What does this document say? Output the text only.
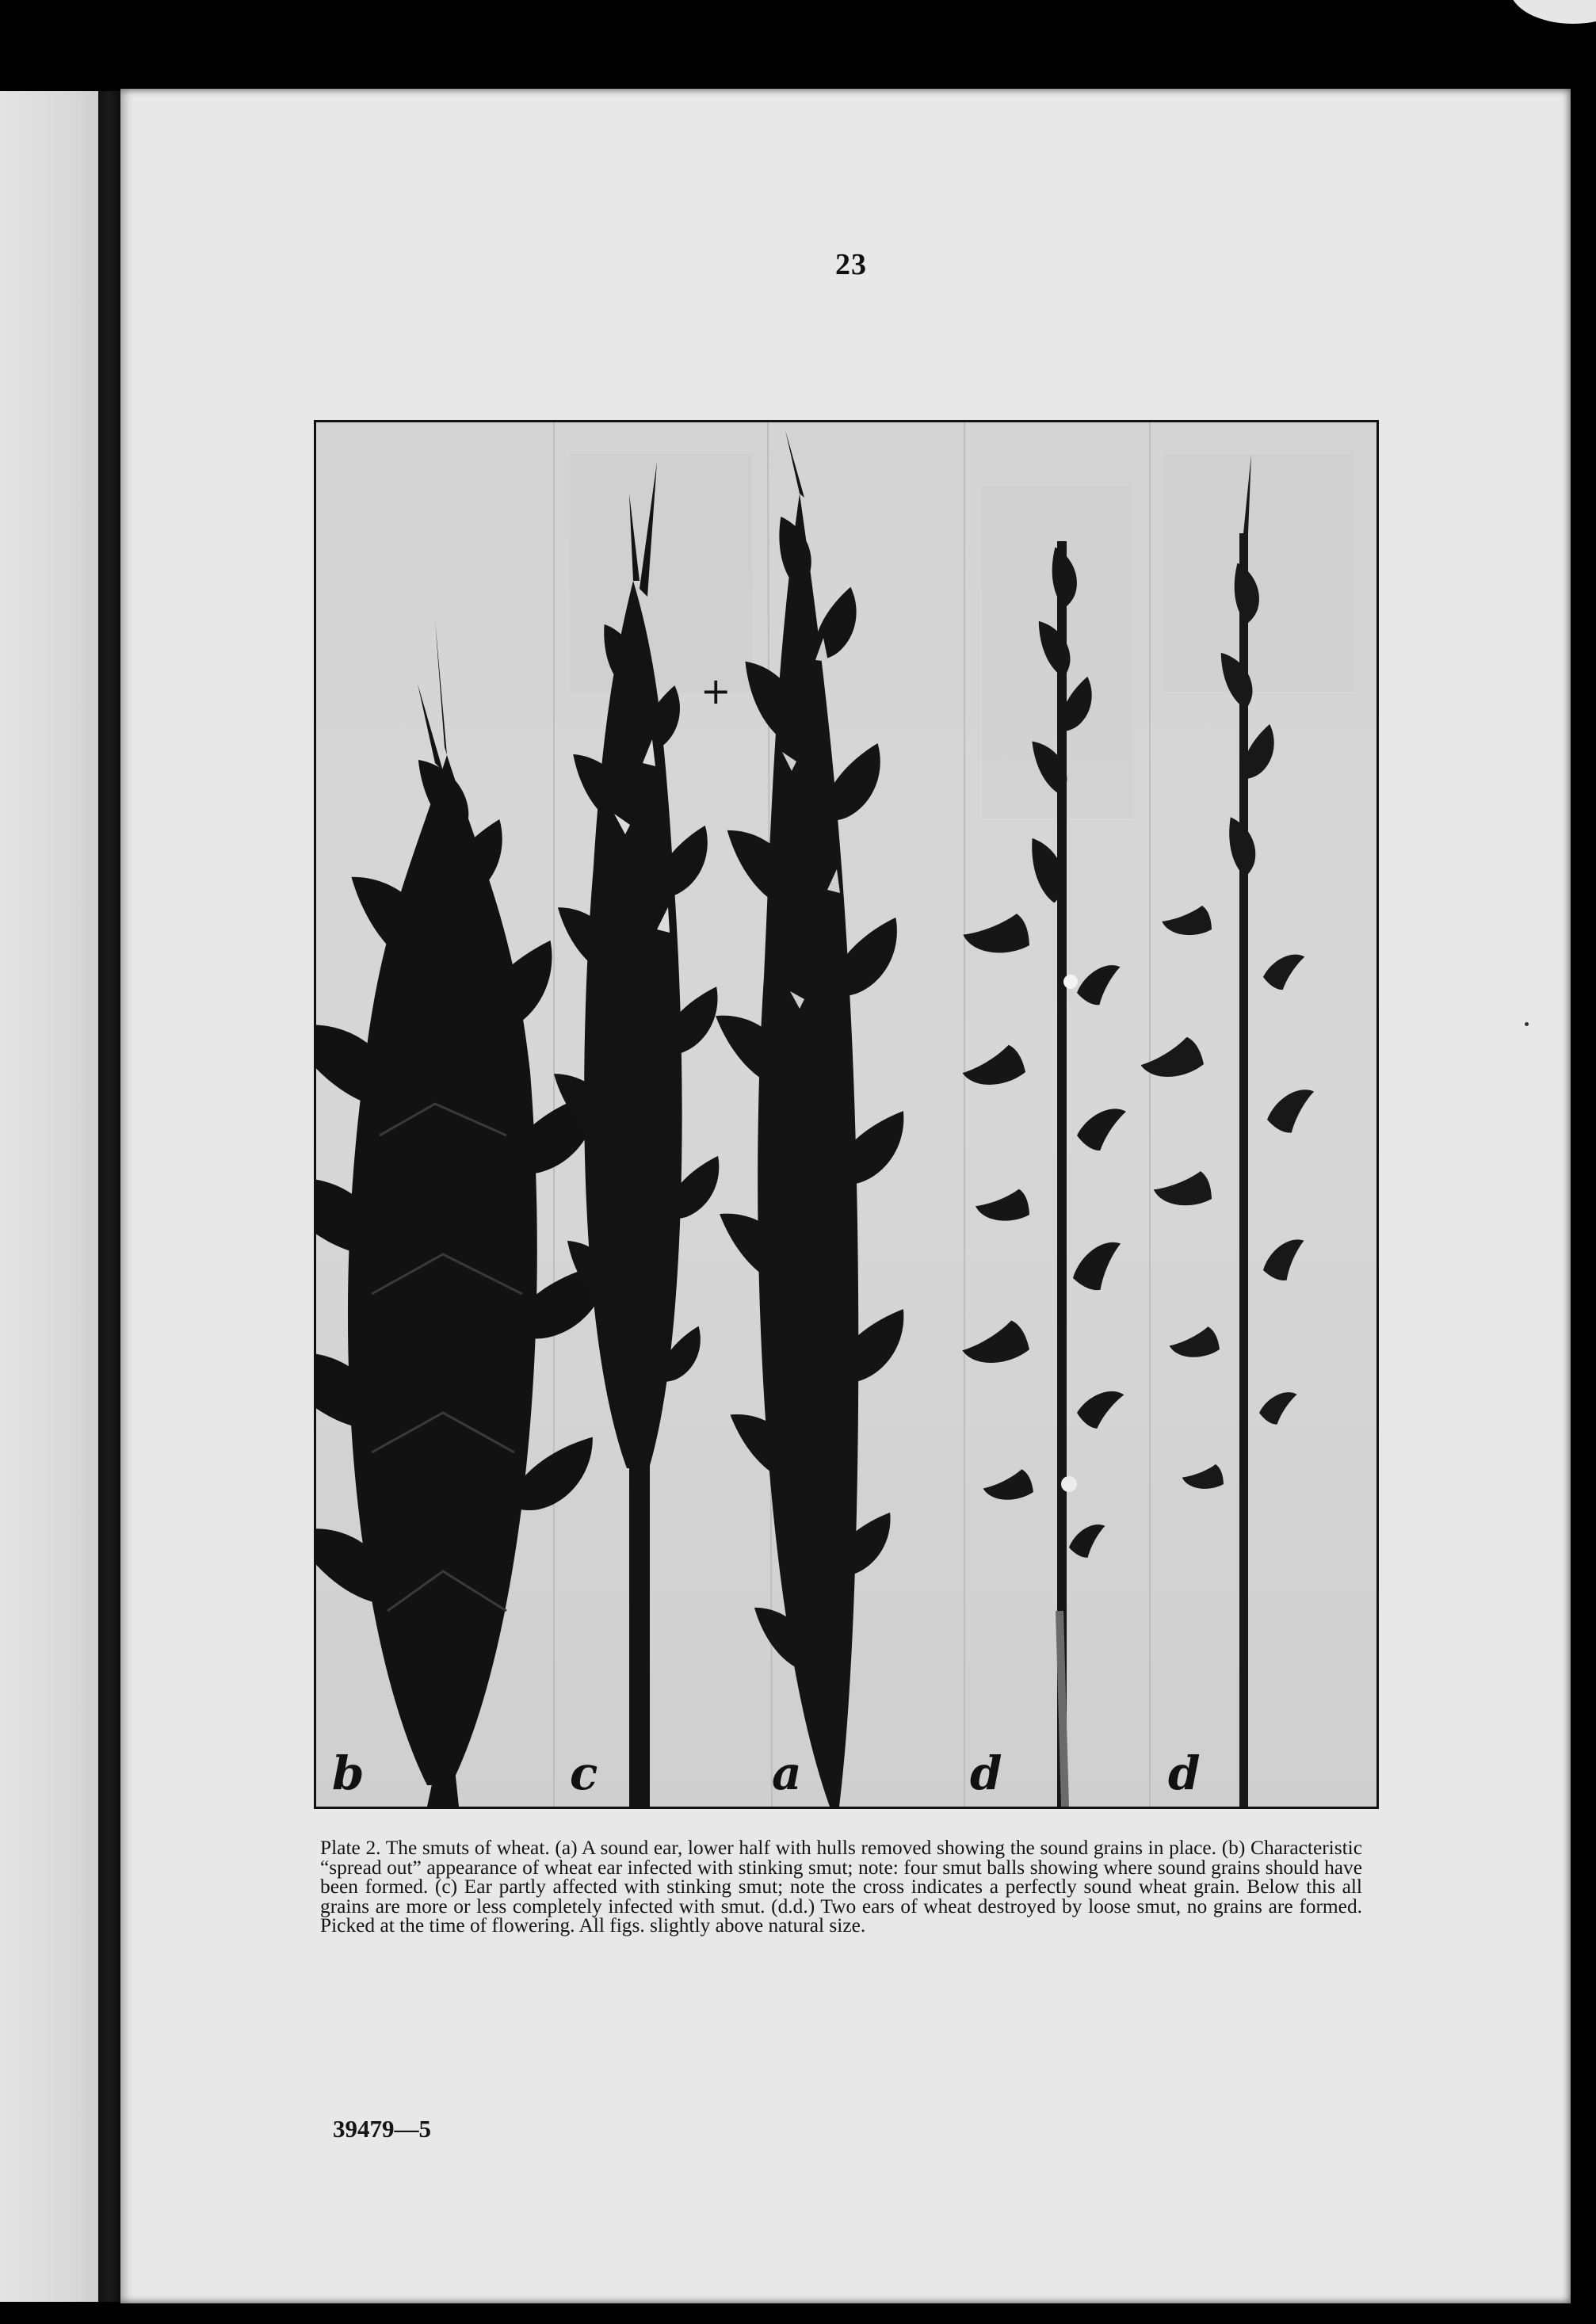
23
+
b	c	a	d	d
Plate 2. The smuts of wheat. (a) A sound ear, lower half with hulls removed showing the sound grains in place. (b) Characteristic “spread out” appearance of wheat ear infected with stinking smut; note: four smut balls showing where sound grains should have been formed. (c) Ear partly affected with stinking smut; note the cross indicates a perfectly sound wheat grain. Below this all grains are more or less completely infected with smut. (d.d.) Two ears of wheat destroyed by loose smut, no grains are formed. Picked at the time of flowering. All figs. slightly above natural size.
39479—5
